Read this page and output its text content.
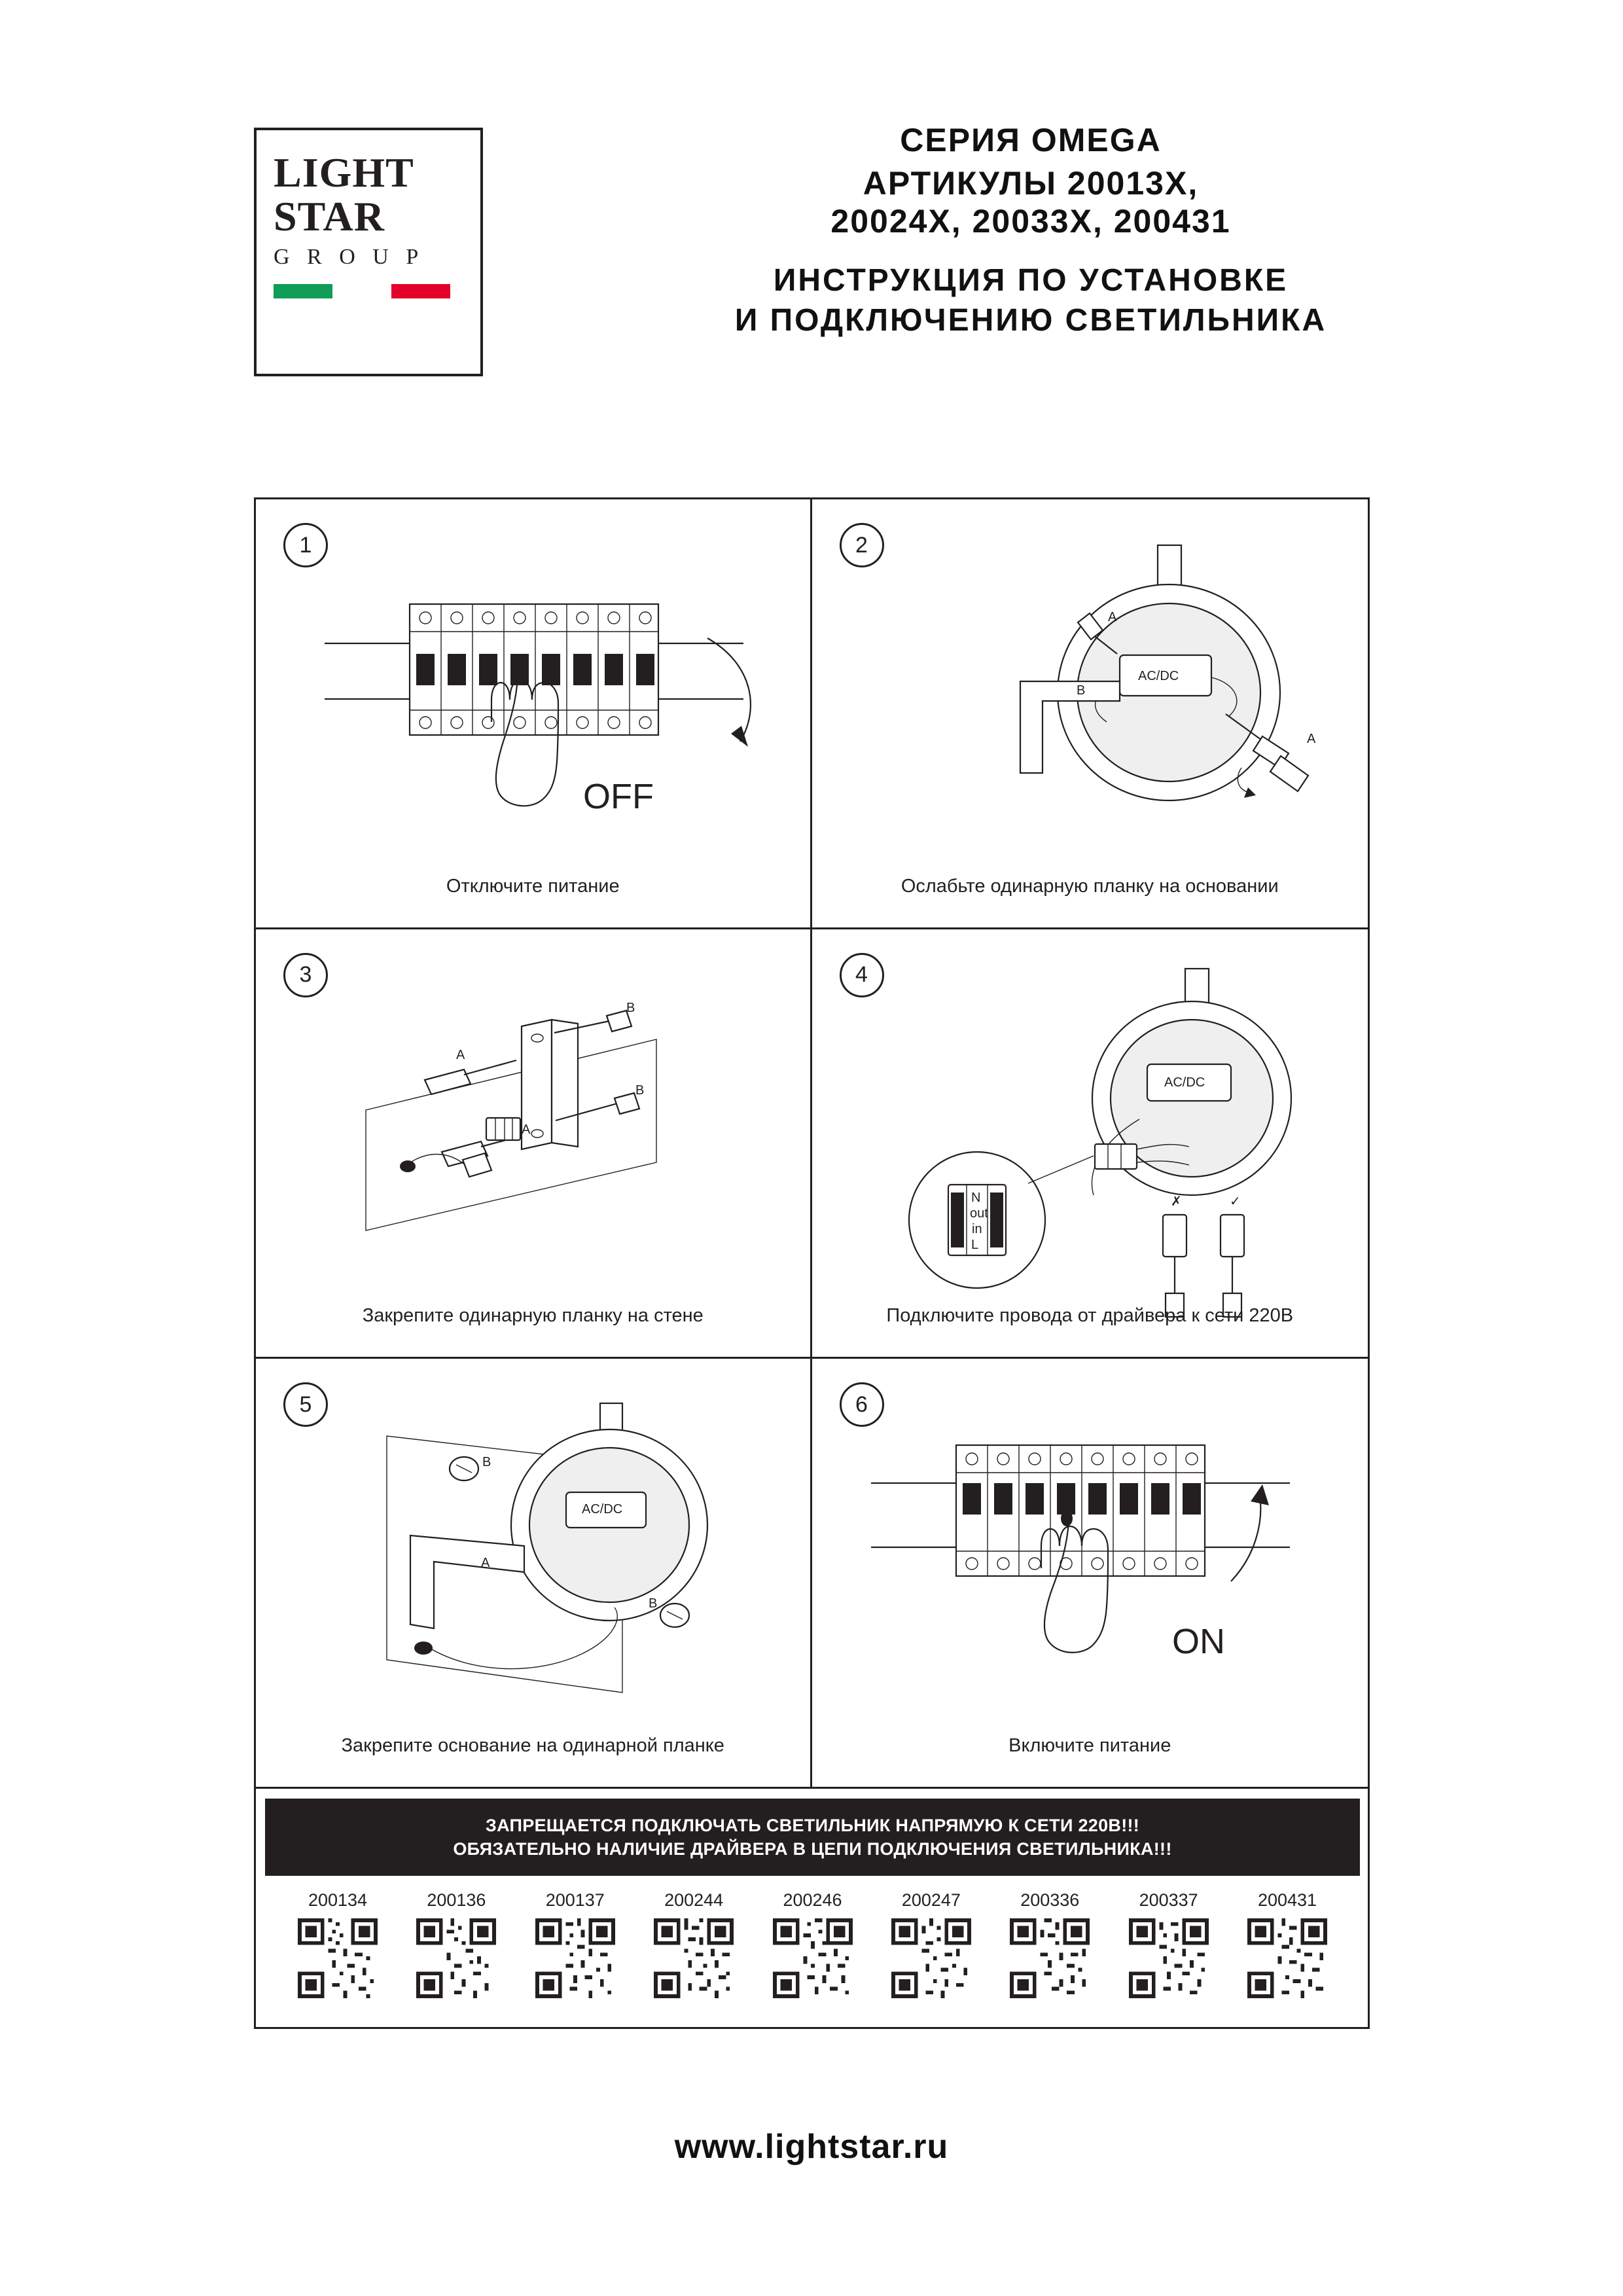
LIGHT
STAR
G R O U P
СЕРИЯ OMEGA
АРТИКУЛЫ 20013Х,
20024Х, 20033Х, 200431
ИНСТРУКЦИЯ ПО УСТАНОВКЕ
И ПОДКЛЮЧЕНИЮ СВЕТИЛЬНИКА
1
OFF
Отключите питание
2
AC/DC
A
B
A
Ослабьте одинарную планку на основании
3
A
B
B
A
Закрепите одинарную планку на стене
4
AC/DC
N
out
in
L
✗	✓
Подключите провода от драйвера к сети 220В
5
AC/DC
B
A
B
Закрепите основание на одинарной планке
6
ON
Включите питание
ЗАПРЕЩАЕТСЯ ПОДКЛЮЧАТЬ СВЕТИЛЬНИК НАПРЯМУЮ К СЕТИ 220В!!!
ОБЯЗАТЕЛЬНО НАЛИЧИЕ ДРАЙВЕРА В ЦЕПИ ПОДКЛЮЧЕНИЯ СВЕТИЛЬНИКА!!!
200134	200136	200137	200244	200246	200247	200336	200337	200431
www.lightstar.ru
